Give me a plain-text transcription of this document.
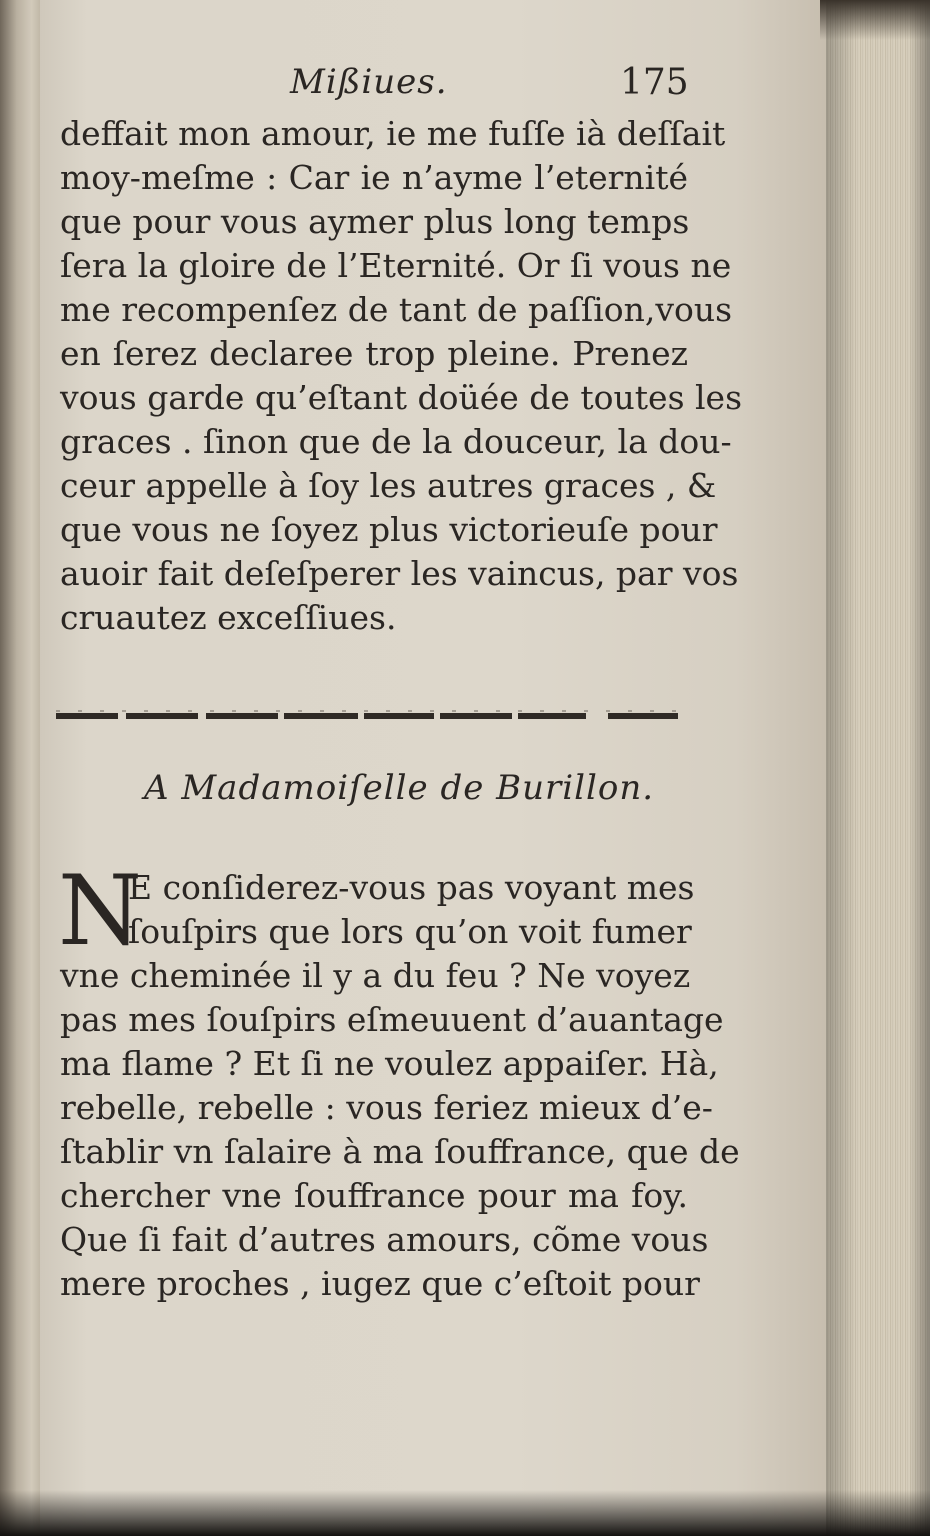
Mißiues.	175
deffait mon amour, ie me fuſſe ià deſſait
moy-meſme : Car ie n’ayme l’eternité
que pour vous aymer plus long temps
ſera la gloire de l’Eternité. Or ſi vous ne
me recompenſez de tant de paſſion,vous
en ſerez declaree trop pleine. Prenez
vous garde qu’eſtant doüée de toutes les
graces . ſinon que de la douceur, la dou-
ceur appelle à ſoy les autres graces , &
que vous ne ſoyez plus victorieuſe pour
auoir fait deſeſperer les vaincus, par vos
cruautez exceſſiues.
A Madamoiſelle de Burillon.
N
E conſiderez-vous pas voyant mes
ſouſpirs que lors qu’on voit fumer
vne cheminée il y a du feu ? Ne voyez
pas mes ſouſpirs eſmeuuent d’auantage
ma flame ? Et ſi ne voulez appaiſer. Hà,
rebelle, rebelle : vous feriez mieux d’e-
ſtablir vn ſalaire à ma ſouffrance, que de
chercher vne ſouffrance pour ma foy.
Que ſi fait d’autres amours, cõme vous
mere proches , iugez que c’eſtoit pour
